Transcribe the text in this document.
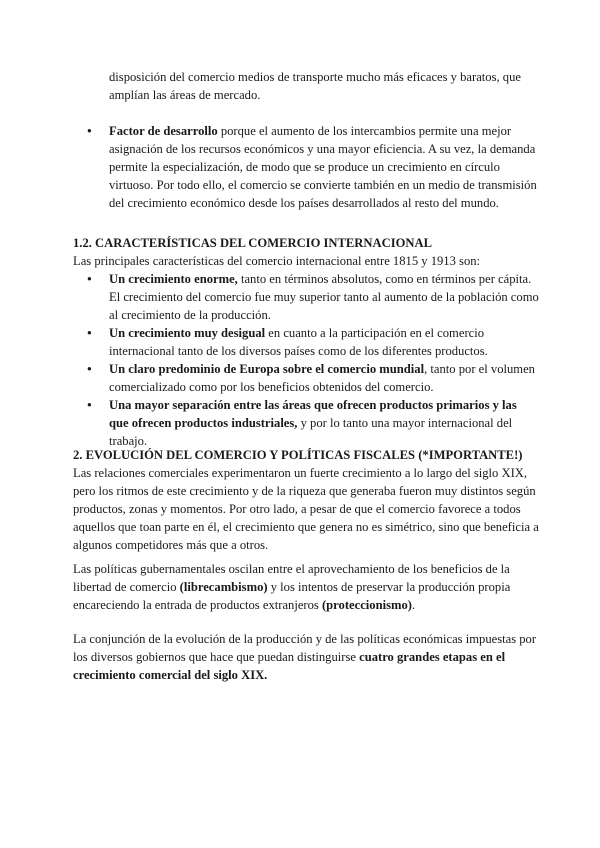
disposición del comercio medios de transporte mucho más eficaces y baratos, que amplían las áreas de mercado.

● Factor de desarrollo porque el aumento de los intercambios permite una mejor asignación de los recursos económicos y una mayor eficiencia. A su vez, la demanda permite la especialización, de modo que se produce un crecimiento en círculo virtuoso. Por todo ello, el comercio se convierte también en un medio de transmisión del crecimiento económico desde los países desarrollados al resto del mundo.

1.2. CARACTERÍSTICAS DEL COMERCIO INTERNACIONAL

Las principales características del comercio internacional entre 1815 y 1913 son:

● Un crecimiento enorme, tanto en términos absolutos, como en términos per cápita. El crecimiento del comercio fue muy superior tanto al aumento de la población como al crecimiento de la producción.
● Un crecimiento muy desigual en cuanto a la participación en el comercio internacional tanto de los diversos países como de los diferentes productos.
● Un claro predominio de Europa sobre el comercio mundial, tanto por el volumen comercializado como por los beneficios obtenidos del comercio.
● Una mayor separación entre las áreas que ofrecen productos primarios y las que ofrecen productos industriales, y por lo tanto una mayor internacional del trabajo.

2. EVOLUCIÓN DEL COMERCIO Y POLÍTICAS FISCALES (*IMPORTANTE!)

Las relaciones comerciales experimentaron un fuerte crecimiento a lo largo del siglo XIX, pero los ritmos de este crecimiento y de la riqueza que generaba fueron muy distintos según productos, zonas y momentos. Por otro lado, a pesar de que el comercio favorece a todos aquellos que toan parte en él, el crecimiento que genera no es simétrico, sino que beneficia a algunos competidores más que a otros.

Las políticas gubernamentales oscilan entre el aprovechamiento de los beneficios de la libertad de comercio (librecambismo) y los intentos de preservar la producción propia encareciendo la entrada de productos extranjeros (proteccionismo).

La conjunción de la evolución de la producción y de las políticas económicas impuestas por los diversos gobiernos que hace que puedan distinguirse cuatro grandes etapas en el crecimiento comercial del siglo XIX.
